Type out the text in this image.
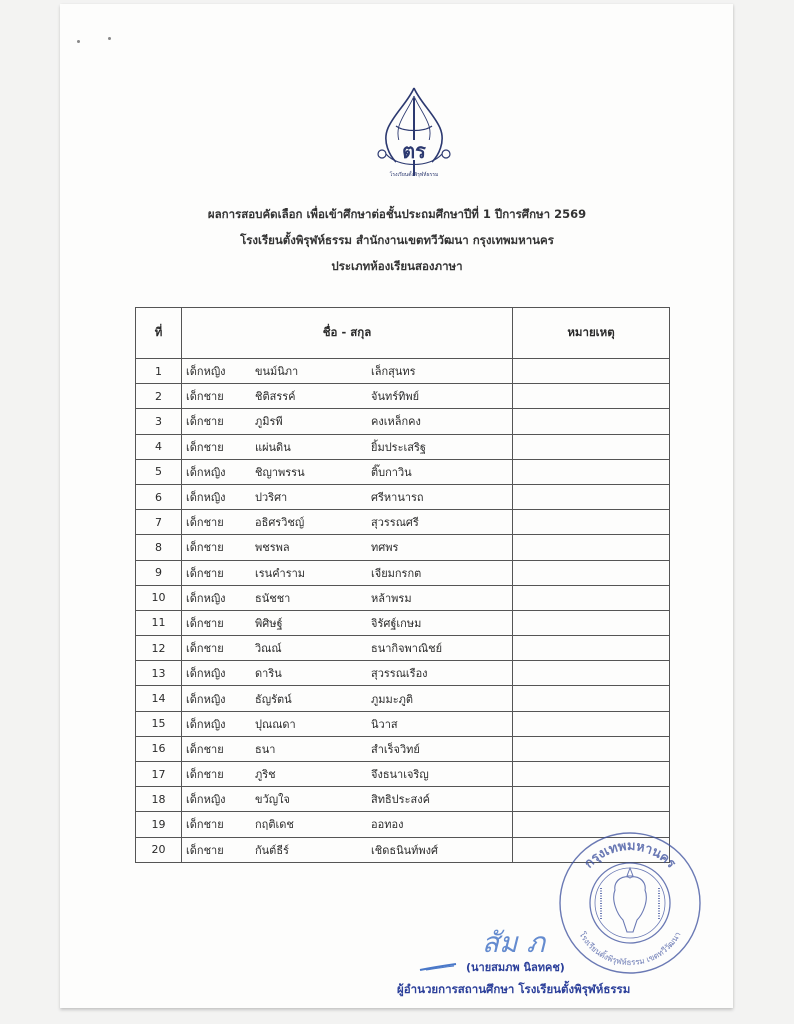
ตร
โรงเรียนตั้งพิรุฬห์ธรรม
ผลการสอบคัดเลือก เพื่อเข้าศึกษาต่อชั้นประถมศึกษาปีที่ 1 ปีการศึกษา 2569
โรงเรียนตั้งพิรุฬห์ธรรม สำนักงานเขตทวีวัฒนา กรุงเทพมหานคร
ประเภทห้องเรียนสองภาษา
ที่	ชื่อ - สกุล	หมายเหตุ
1	เด็กหญิง ขนม์นิภา เล็กสุนทร	

2	เด็กชาย ชิติสรรค์ จันทร์ทิพย์	

3	เด็กชาย ภูมิรพี คงเหล็กคง	

4	เด็กชาย แผ่นดิน ยิ้มประเสริฐ	

5	เด็กหญิง ชิญาพรรน ติ๊บกาวิน	

6	เด็กหญิง ปวริศา ศรีหานารถ	

7	เด็กชาย อธิศรวิชญ์ สุวรรณศรี	

8	เด็กชาย พชรพล ทศพร	

9	เด็กชาย เรนคำราม เจียมกรกต	

10	เด็กหญิง ธนัชชา หล้าพรม	

11	เด็กชาย พิศิษฐ์ จิรัศฐ์เกษม	

12	เด็กชาย วิณณ์ ธนากิจพาณิชย์	

13	เด็กหญิง ดาริน สุวรรณเรือง	

14	เด็กหญิง ธัญรัตน์ ภูมมะภูติ	

15	เด็กหญิง ปุณณดา นิวาส	

16	เด็กชาย ธนา สำเร็จวิทย์	

17	เด็กชาย ภูริช จึงธนาเจริญ	

18	เด็กหญิง ขวัญใจ สิทธิประสงค์	

19	เด็กชาย กฤติเดช ออทอง	

20	เด็กชาย กันต์ธีร์ เชิดธนินท์พงศ์	

กรุงเทพมหานคร
โรงเรียนตั้งพิรุฬห์ธรรม เขตทวีวัฒนา
สัม ภ
(นายสมภพ นิลทคช)
ผู้อำนวยการสถานศึกษา โรงเรียนตั้งพิรุฬห์ธรรม
